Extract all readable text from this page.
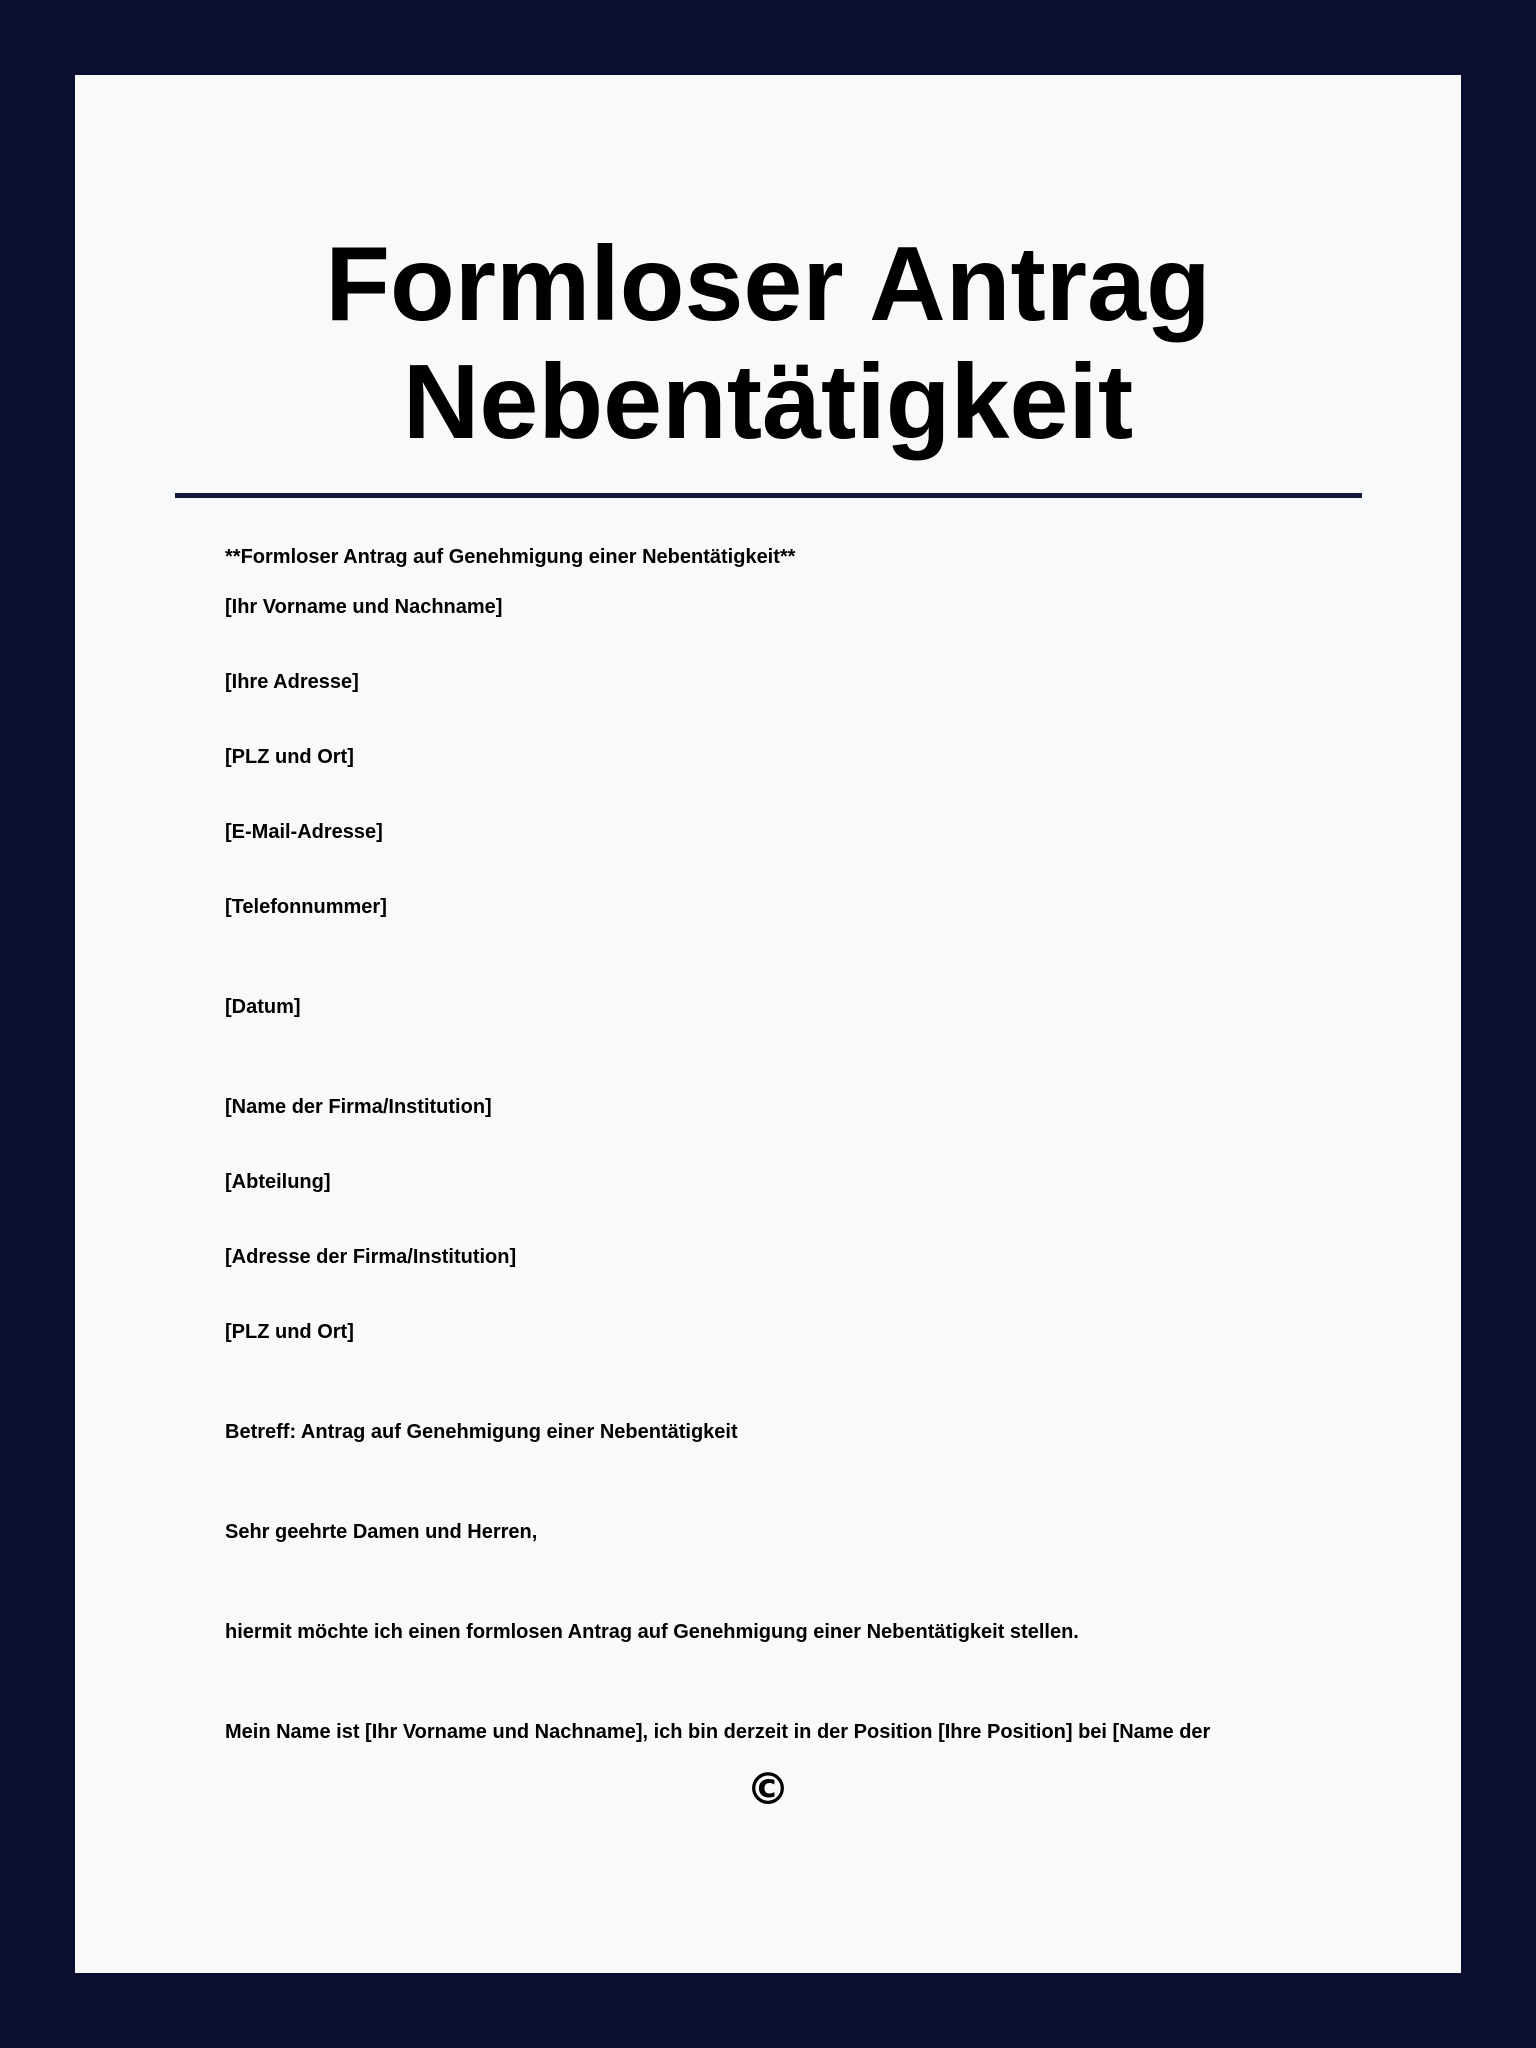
Formloser Antrag
Nebentätigkeit

**Formloser Antrag auf Genehmigung einer Nebentätigkeit**

[Ihr Vorname und Nachname]

[Ihre Adresse]

[PLZ und Ort]

[E-Mail-Adresse]

[Telefonnummer]

[Datum]

[Name der Firma/Institution]

[Abteilung]

[Adresse der Firma/Institution]

[PLZ und Ort]

Betreff: Antrag auf Genehmigung einer Nebentätigkeit

Sehr geehrte Damen und Herren,

hiermit möchte ich einen formlosen Antrag auf Genehmigung einer Nebentätigkeit stellen.

Mein Name ist [Ihr Vorname und Nachname], ich bin derzeit in der Position [Ihre Position] bei [Name der

©
